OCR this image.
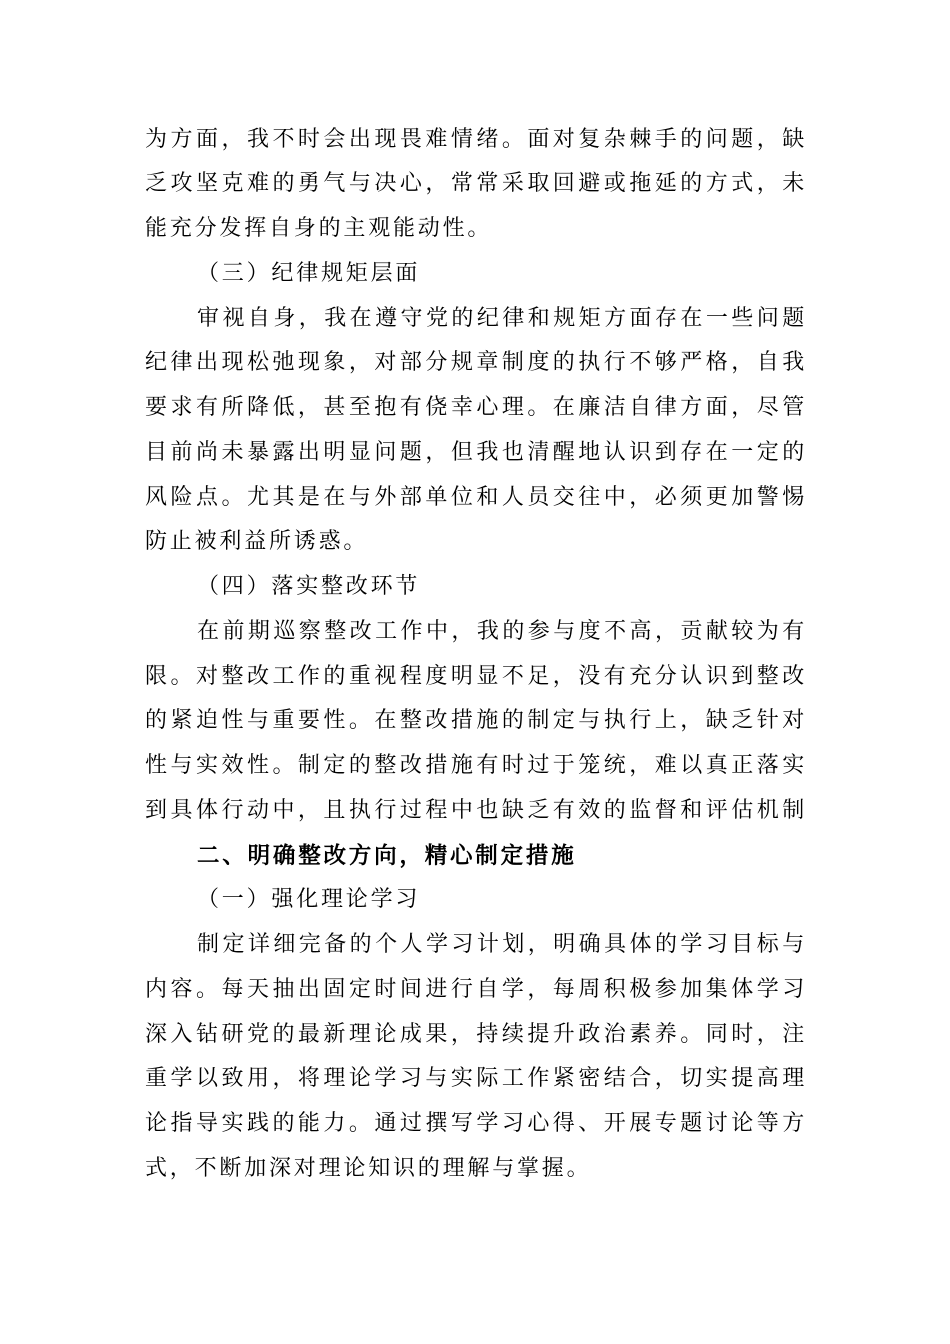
为方面，我不时会出现畏难情绪。面对复杂棘手的问题，缺
乏攻坚克难的勇气与决心，常常采取回避或拖延的方式，未
能充分发挥自身的主观能动性。
（三）纪律规矩层面
审视自身，我在遵守党的纪律和规矩方面存在一些问题
纪律出现松弛现象，对部分规章制度的执行不够严格，自我
要求有所降低，甚至抱有侥幸心理。在廉洁自律方面，尽管
目前尚未暴露出明显问题，但我也清醒地认识到存在一定的
风险点。尤其是在与外部单位和人员交往中，必须更加警惕
防止被利益所诱惑。
（四）落实整改环节
在前期巡察整改工作中，我的参与度不高，贡献较为有
限。对整改工作的重视程度明显不足，没有充分认识到整改
的紧迫性与重要性。在整改措施的制定与执行上，缺乏针对
性与实效性。制定的整改措施有时过于笼统，难以真正落实
到具体行动中，且执行过程中也缺乏有效的监督和评估机制
二、明确整改方向，精心制定措施
（一）强化理论学习
制定详细完备的个人学习计划，明确具体的学习目标与
内容。每天抽出固定时间进行自学，每周积极参加集体学习
深入钻研党的最新理论成果，持续提升政治素养。同时，注
重学以致用，将理论学习与实际工作紧密结合，切实提高理
论指导实践的能力。通过撰写学习心得、开展专题讨论等方
式，不断加深对理论知识的理解与掌握。
